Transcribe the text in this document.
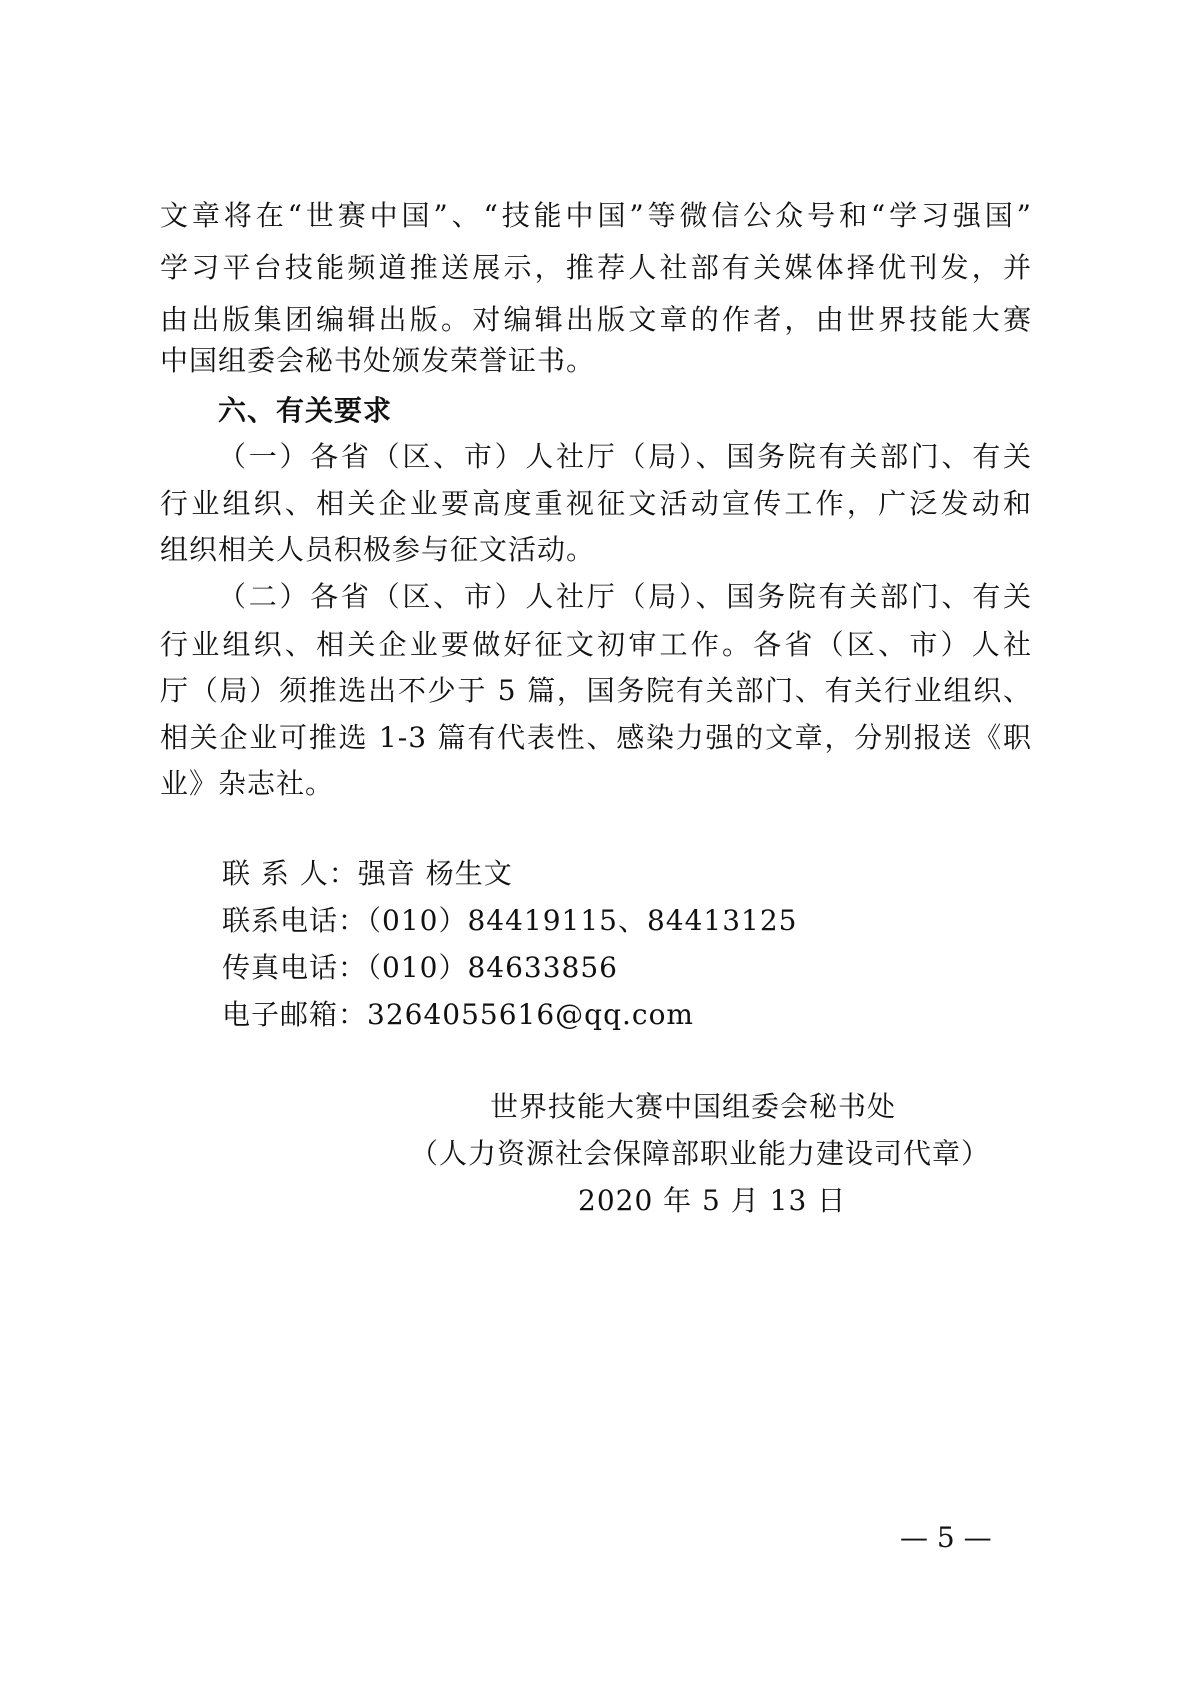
文章将在“世赛中国”、“技能中国”等微信公众号和“学习强国”
学习平台技能频道推送展示，推荐人社部有关媒体择优刊发，并
由出版集团编辑出版。对编辑出版文章的作者，由世界技能大赛
中国组委会秘书处颁发荣誉证书。
六、有关要求
（一）各省（区、市）人社厅（局）、国务院有关部门、有关
行业组织、相关企业要高度重视征文活动宣传工作，广泛发动和
组织相关人员积极参与征文活动。
（二）各省（区、市）人社厅（局）、国务院有关部门、有关
行业组织、相关企业要做好征文初审工作。各省（区、市）人社
厅（局）须推选出不少于 5 篇，国务院有关部门、有关行业组织、
相关企业可推选 1-3 篇有代表性、感染力强的文章，分别报送《职
业》杂志社。
联 系 人：强音 杨生文
联系电话：（010）84419115、84413125
传真电话：（010）84633856
电子邮箱：3264055616@qq.com
世界技能大赛中国组委会秘书处
（人力资源社会保障部职业能力建设司代章）
2020 年 5 月 13 日
— 5 —
